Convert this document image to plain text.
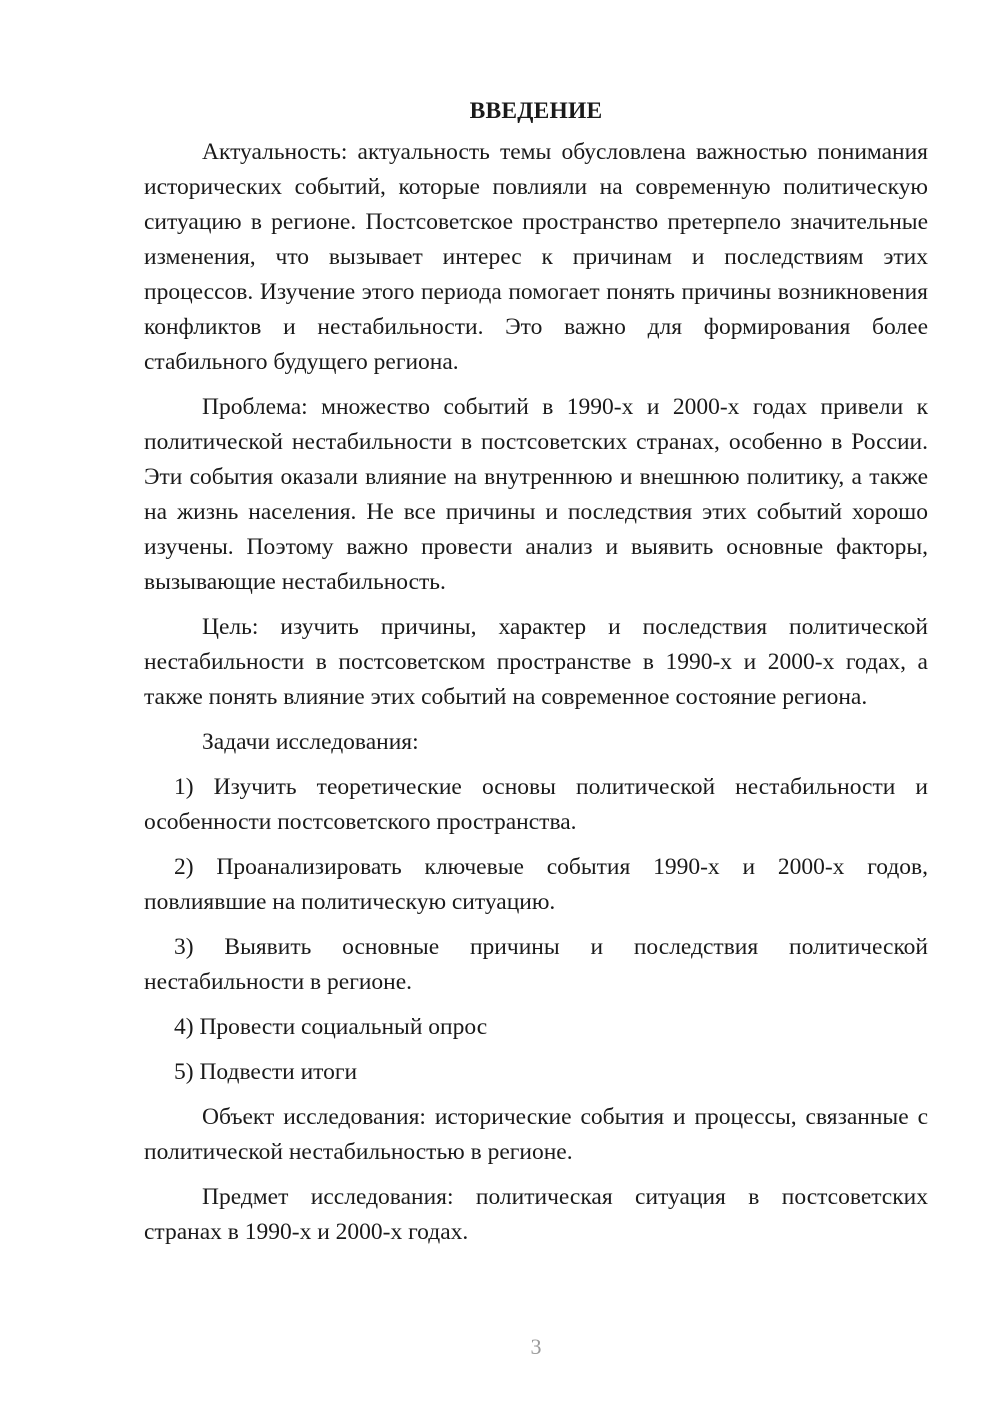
ВВЕДЕНИЕ

Актуальность: актуальность темы обусловлена важностью понимания исторических событий, которые повлияли на современную политическую ситуацию в регионе. Постсоветское пространство претерпело значительные изменения, что вызывает интерес к причинам и последствиям этих процессов. Изучение этого периода помогает понять причины возникновения конфликтов и нестабильности. Это важно для формирования более стабильного будущего региона.

Проблема: множество событий в 1990-х и 2000-х годах привели к политической нестабильности в постсоветских странах, особенно в России. Эти события оказали влияние на внутреннюю и внешнюю политику, а также на жизнь населения. Не все причины и последствия этих событий хорошо изучены. Поэтому важно провести анализ и выявить основные факторы, вызывающие нестабильность.

Цель: изучить причины, характер и последствия политической нестабильности в постсоветском пространстве в 1990-х и 2000-х годах, а также понять влияние этих событий на современное состояние региона.

Задачи исследования:

1) Изучить теоретические основы политической нестабильности и особенности постсоветского пространства.

2) Проанализировать ключевые события 1990-х и 2000-х годов, повлиявшие на политическую ситуацию.

3) Выявить основные причины и последствия политической нестабильности в регионе.

4) Провести социальный опрос

5) Подвести итоги

Объект исследования: исторические события и процессы, связанные с политической нестабильностью в регионе.

Предмет исследования: политическая ситуация в постсоветских странах в 1990-х и 2000-х годах.

3
